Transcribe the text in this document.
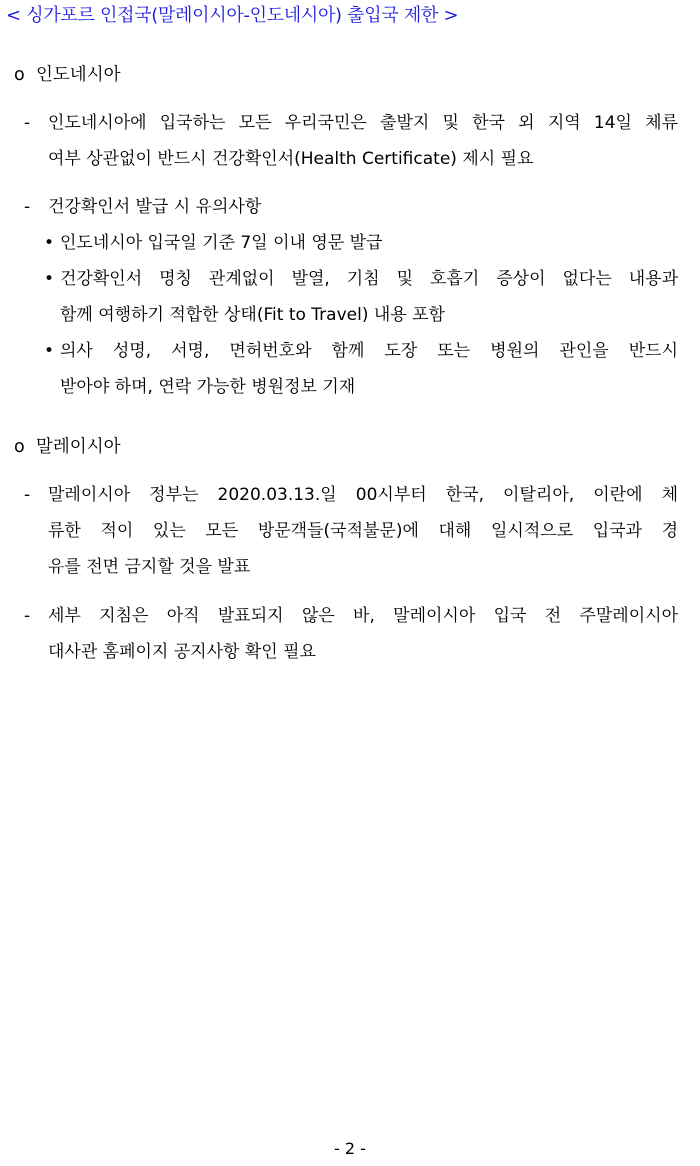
< 싱가포르 인접국(말레이시아-인도네시아) 출입국 제한 >
o 인도네시아
-	인도네시아에 입국하는 모든 우리국민은 출발지 및 한국 외 지역 14일 체류
여부 상관없이 반드시 건강확인서(Health Certificate) 제시 필요
-	건강확인서 발급 시 유의사항
• 인도네시아 입국일 기준 7일 이내 영문 발급
• 건강확인서 명칭 관계없이 발열, 기침 및 호흡기 증상이 없다는 내용과
함께 여행하기 적합한 상태(Fit to Travel) 내용 포함
• 의사 성명, 서명, 면허번호와 함께 도장 또는 병원의 관인을 반드시
받아야 하며, 연락 가능한 병원정보 기재
o 말레이시아
-	말레이시아 정부는 2020.03.13.일 00시부터 한국, 이탈리아, 이란에 체
류한 적이 있는 모든 방문객들(국적불문)에 대해 일시적으로 입국과 경
유를 전면 금지할 것을 발표
-	세부 지침은 아직 발표되지 않은 바, 말레이시아 입국 전 주말레이시아
대사관 홈페이지 공지사항 확인 필요
- 2 -
